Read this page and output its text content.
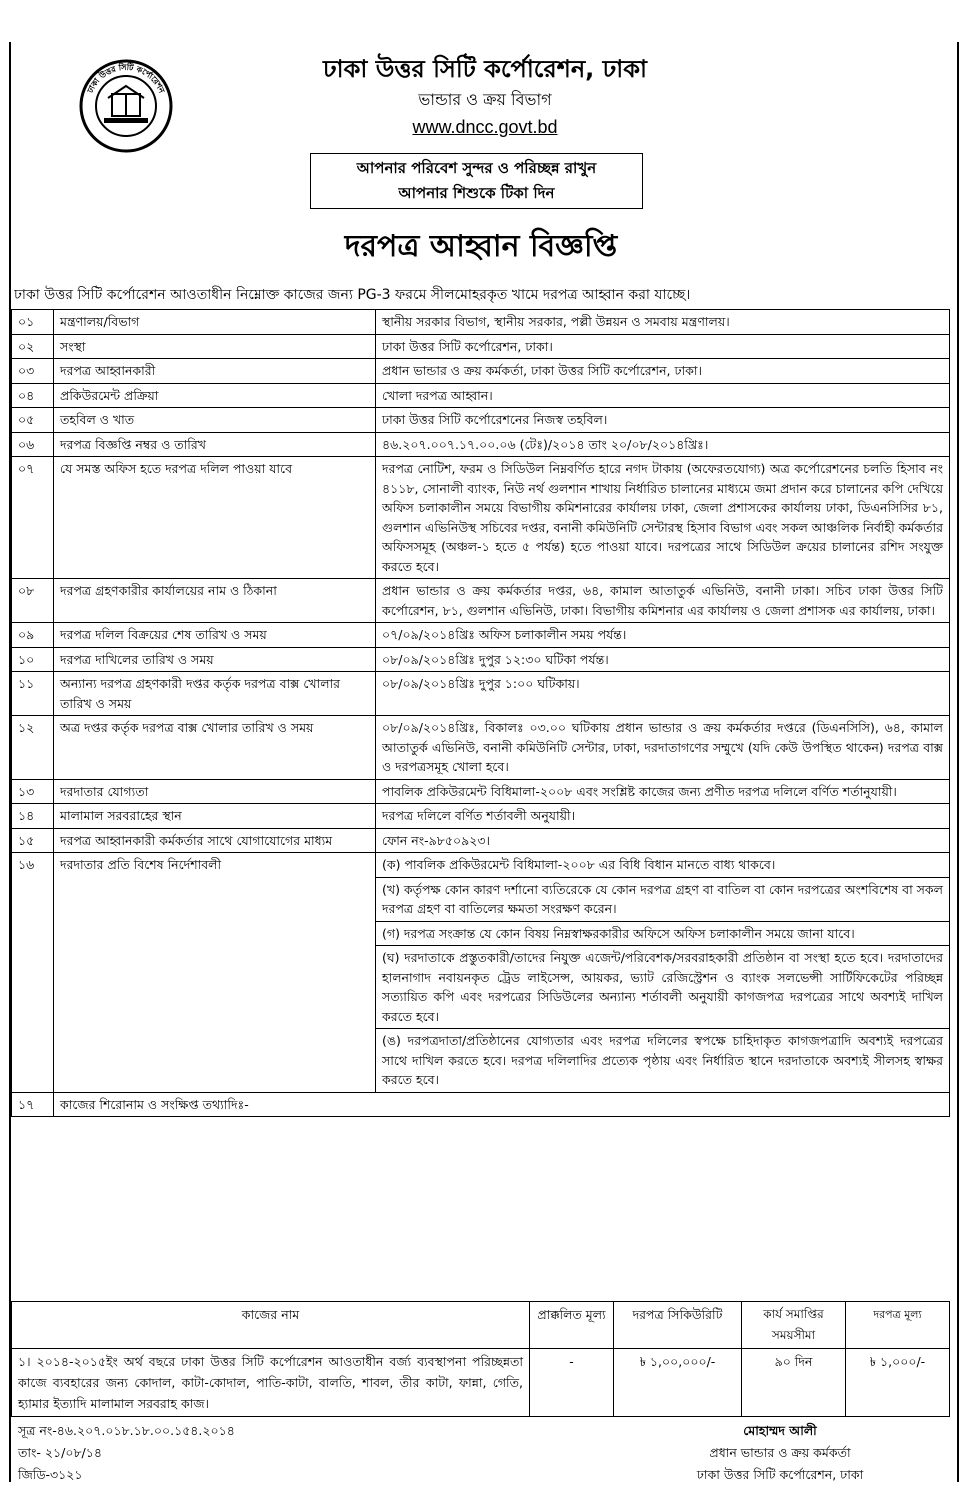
ঢাকা উত্তর সিটি কর্পোরেশন
ঢাকা উত্তর সিটি কর্পোরেশন, ঢাকা
ভান্ডার ও ক্রয় বিভাগ
www.dncc.govt.bd
আপনার পরিবেশ সুন্দর ও পরিচ্ছন্ন রাখুন
আপনার শিশুকে টিকা দিন
দরপত্র আহ্বান বিজ্ঞপ্তি
ঢাকা উত্তর সিটি কর্পোরেশন আওতাধীন নিম্নোক্ত কাজের জন্য PG-3 ফরমে সীলমোহরকৃত খামে দরপত্র আহ্বান করা যাচ্ছে।
০১	মন্ত্রণালয়/বিভাগ	স্থানীয় সরকার বিভাগ, স্থানীয় সরকার, পল্লী উন্নয়ন ও সমবায় মন্ত্রণালয়।
০২	সংস্থা	ঢাকা উত্তর সিটি কর্পোরেশন, ঢাকা।
০৩	দরপত্র আহ্বানকারী	প্রধান ভান্ডার ও ক্রয় কর্মকর্তা, ঢাকা উত্তর সিটি কর্পোরেশন, ঢাকা।
০৪	প্রকিউরমেন্ট প্রক্রিয়া	খোলা দরপত্র আহ্বান।
০৫	তহবিল ও খাত	ঢাকা উত্তর সিটি কর্পোরেশনের নিজস্ব তহবিল।
০৬	দরপত্র বিজ্ঞপ্তি নম্বর ও তারিখ	৪৬.২০৭.০০৭.১৭.০০.০৬ (টেঃ)/২০১৪ তাং ২০/০৮/২০১৪খ্রিঃ।
০৭	যে সমস্ত অফিস হতে দরপত্র দলিল পাওয়া যাবে	দরপত্র নোটিশ, ফরম ও সিডিউল নিম্নবর্ণিত হারে নগদ টাকায় (অফেরতযোগ্য) অত্র কর্পোরেশনের চলতি হিসাব নং ৪১১৮, সোনালী ব্যাংক, নিউ নর্থ গুলশান শাখায় নির্ধারিত চালানের মাধ্যমে জমা প্রদান করে চালানের কপি দেখিয়ে অফিস চলাকালীন সময়ে বিভাগীয় কমিশনারের কার্যালয় ঢাকা, জেলা প্রশাসকের কার্যালয় ঢাকা, ডিএনসিসির ৮১, গুলশান এভিনিউস্থ সচিবের দপ্তর, বনানী কমিউনিটি সেন্টারস্থ হিসাব বিভাগ এবং সকল আঞ্চলিক নির্বাহী কর্মকর্তার অফিসসমূহ (অঞ্চল-১ হতে ৫ পর্যন্ত) হতে পাওয়া যাবে। দরপত্রের সাথে সিডিউল ক্রয়ের চালানের রশিদ সংযুক্ত করতে হবে।
০৮	দরপত্র গ্রহণকারীর কার্যালয়ের নাম ও ঠিকানা	প্রধান ভান্ডার ও ক্রয় কর্মকর্তার দপ্তর, ৬৪, কামাল আতাতুর্ক এভিনিউ, বনানী ঢাকা। সচিব ঢাকা উত্তর সিটি কর্পোরেশন, ৮১, গুলশান এভিনিউ, ঢাকা। বিভাগীয় কমিশনার এর কার্যালয় ও জেলা প্রশাসক এর কার্যালয়, ঢাকা।
০৯	দরপত্র দলিল বিক্রয়ের শেষ তারিখ ও সময়	০৭/০৯/২০১৪খ্রিঃ অফিস চলাকালীন সময় পর্যন্ত।
১০	দরপত্র দাখিলের তারিখ ও সময়	০৮/০৯/২০১৪খ্রিঃ দুপুর ১২:৩০ ঘটিকা পর্যন্ত।
১১	অন্যান্য দরপত্র গ্রহণকারী দপ্তর কর্তৃক দরপত্র বাক্স খোলার তারিখ ও সময়	০৮/০৯/২০১৪খ্রিঃ দুপুর ১:০০ ঘটিকায়।
১২	অত্র দপ্তর কর্তৃক দরপত্র বাক্স খোলার তারিখ ও সময়	০৮/০৯/২০১৪খ্রিঃ, বিকালঃ ০৩.০০ ঘটিকায় প্রধান ভান্ডার ও ক্রয় কর্মকর্তার দপ্তরে (ডিএনসিসি), ৬৪, কামাল আতাতুর্ক এভিনিউ, বনানী কমিউনিটি সেন্টার, ঢাকা, দরদাতাগণের সম্মুখে (যদি কেউ উপস্থিত থাকেন) দরপত্র বাক্স ও দরপত্রসমূহ খোলা হবে।
১৩	দরদাতার যোগ্যতা	পাবলিক প্রকিউরমেন্ট বিধিমালা-২০০৮ এবং সংশ্লিষ্ট কাজের জন্য প্রণীত দরপত্র দলিলে বর্ণিত শর্তানুযায়ী।
১৪	মালামাল সরবরাহের স্থান	দরপত্র দলিলে বর্ণিত শর্তাবলী অনুযায়ী।
১৫	দরপত্র আহ্বানকারী কর্মকর্তার সাথে যোগাযোগের মাধ্যম	ফোন নং-৯৮৫০৯২৩।
১৬	দরদাতার প্রতি বিশেষ নির্দেশাবলী		(ক) পাবলিক প্রকিউরমেন্ট বিধিমালা-২০০৮ এর বিধি বিধান মানতে বাধ্য থাকবে।
(খ) কর্তৃপক্ষ কোন কারণ দর্শানো ব্যতিরেকে যে কোন দরপত্র গ্রহণ বা বাতিল বা কোন দরপত্রের অংশবিশেষ বা সকল দরপত্র গ্রহণ বা বাতিলের ক্ষমতা সংরক্ষণ করেন।
(গ) দরপত্র সংক্রান্ত যে কোন বিষয় নিম্নস্বাক্ষরকারীর অফিসে অফিস চলাকালীন সময়ে জানা যাবে।
(ঘ) দরদাতাকে প্রস্তুতকারী/তাদের নিযুক্ত এজেন্ট/পরিবেশক/সরবরাহকারী প্রতিষ্ঠান বা সংস্থা হতে হবে। দরদাতাদের হালনাগাদ নবায়নকৃত ট্রেড লাইসেন্স, আয়কর, ভ্যাট রেজিস্ট্রেশন ও ব্যাংক সলভেন্সী সার্টিফিকেটের পরিচ্ছন্ন সত্যায়িত কপি এবং দরপত্রের সিডিউলের অন্যান্য শর্তাবলী অনুযায়ী কাগজপত্র দরপত্রের সাথে অবশ্যই দাখিল করতে হবে।
(ঙ) দরপত্রদাতা/প্রতিষ্ঠানের যোগ্যতার এবং দরপত্র দলিলের স্বপক্ষে চাহিদাকৃত কাগজপত্রাদি অবশ্যই দরপত্রের সাথে দাখিল করতে হবে। দরপত্র দলিলাদির প্রত্যেক পৃষ্ঠায় এবং নির্ধারিত স্থানে দরদাতাকে অবশ্যই সীলসহ স্বাক্ষর করতে হবে।

১৭	কাজের শিরোনাম ও সংক্ষিপ্ত তথ্যাদিঃ-
কাজের নাম	প্রাক্কলিত মূল্য	দরপত্র সিকিউরিটি	কার্য সমাপ্তির সময়সীমা	দরপত্র মূল্য
১। ২০১৪-২০১৫ইং অর্থ বছরে ঢাকা উত্তর সিটি কর্পোরেশন আওতাধীন বর্জ্য ব্যবস্থাপনা পরিচ্ছন্নতা কাজে ব্যবহারের জন্য কোদাল, কাটা-কোদাল, পাতি-কাটা, বালতি, শাবল, তীর কাটা, ফান্না, গেতি, হ্যামার ইত্যাদি মালামাল সরবরাহ কাজ।	-	৳ ১,০০,০০০/-	৯০ দিন	৳ ১,০০০/-
সূত্র নং-৪৬.২০৭.০১৮.১৮.০০.১৫৪.২০১৪
তাং- ২১/০৮/১৪
জিডি-৩১২১
মোহাম্মদ আলী
প্রধান ভান্ডার ও ক্রয় কর্মকর্তা
ঢাকা উত্তর সিটি কর্পোরেশন, ঢাকা
